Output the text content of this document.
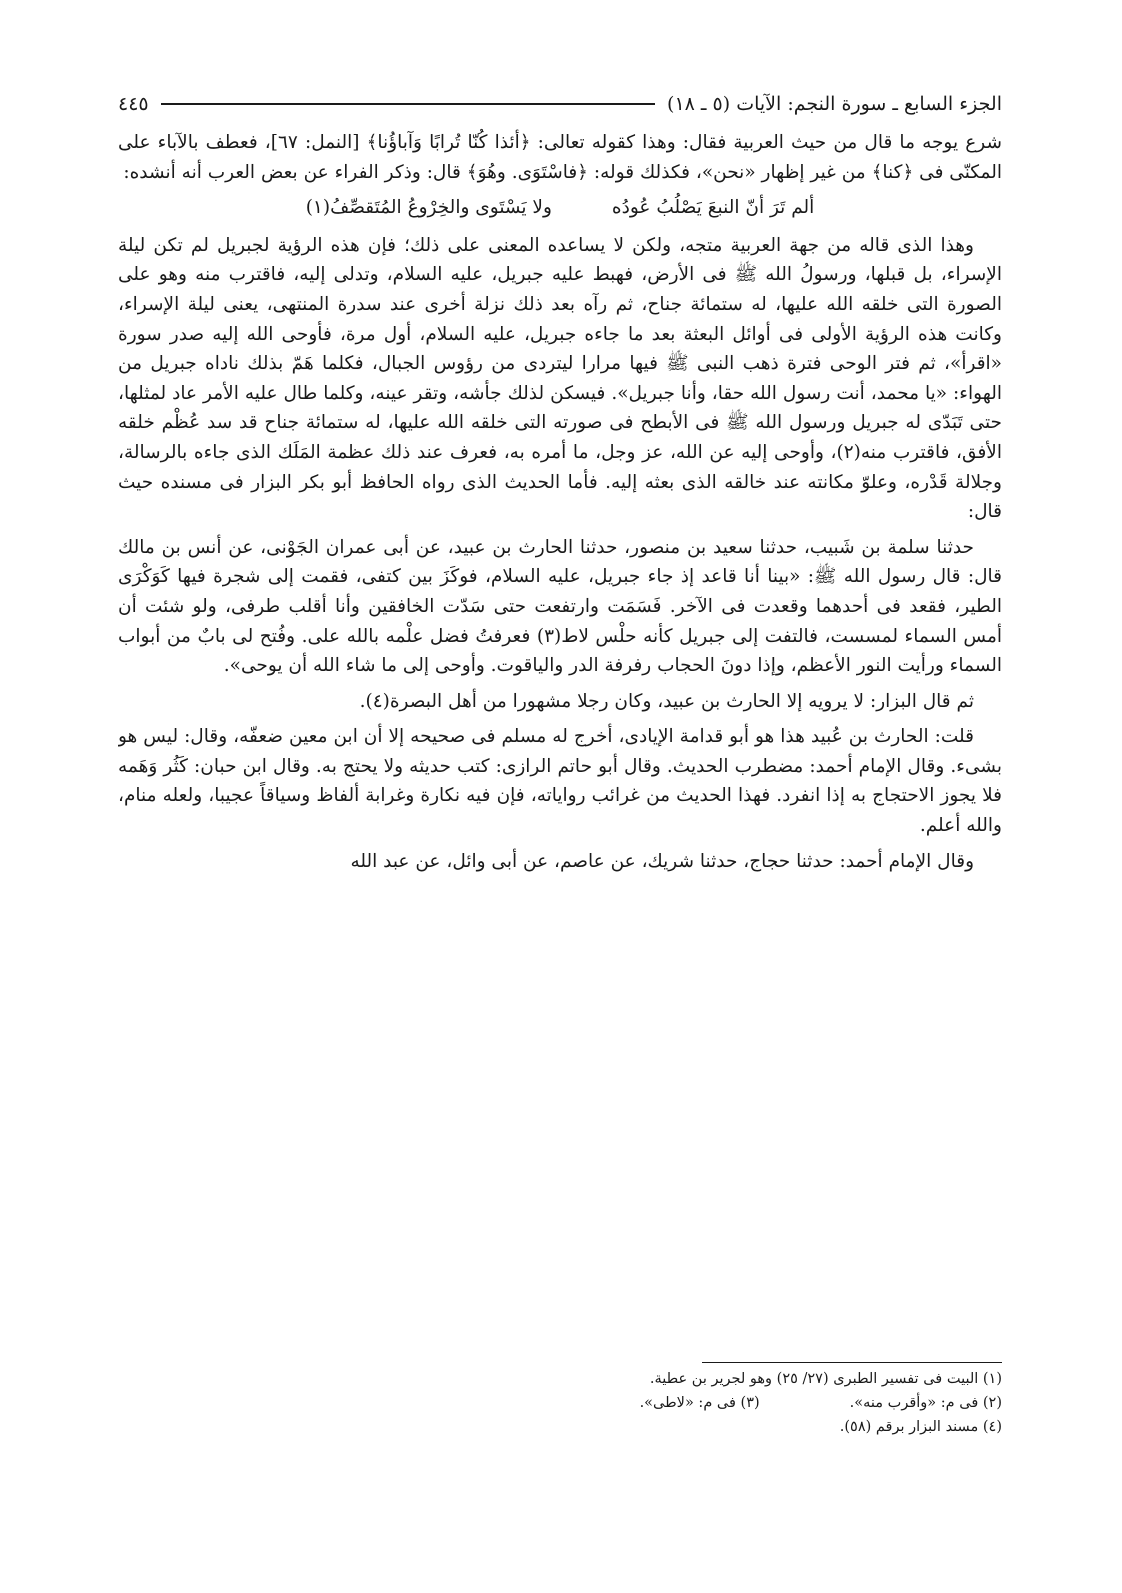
الجزء السابع ـ سورة النجم: الآيات (٥ ـ ١٨)
٤٤٥

شرع يوجه ما قال من حيث العربية فقال: وهذا كقوله تعالى: ﴿أئذا كُنّا تُرابًا وَآباؤُنا﴾ [النمل: ٦٧]، فعطف بالآباء على المكنّى فى ﴿كنا﴾ من غير إظهار «نحن»، فكذلك قوله: ﴿فاسْتَوَى. وهُوَ﴾ قال: وذكر الفراء عن بعض العرب أنه أنشده:

ألم تَرَ أنّ النبعَ يَصْلُبُ عُودُه
ولا يَسْتَوى والخِرْوعُ المُتَقصِّفُ(١)

وهذا الذى قاله من جهة العربية متجه، ولكن لا يساعده المعنى على ذلك؛ فإن هذه الرؤية لجبريل لم تكن ليلة الإسراء، بل قبلها، ورسولُ الله ﷺ فى الأرض، فهبط عليه جبريل، عليه السلام، وتدلى إليه، فاقترب منه وهو على الصورة التى خلقه الله عليها، له ستمائة جناح، ثم رآه بعد ذلك نزلة أخرى عند سدرة المنتهى، يعنى ليلة الإسراء، وكانت هذه الرؤية الأولى فى أوائل البعثة بعد ما جاءه جبريل، عليه السلام، أول مرة، فأوحى الله إليه صدر سورة «اقرأ»، ثم فتر الوحى فترة ذهب النبى ﷺ فيها مرارا ليتردى من رؤوس الجبال، فكلما هَمّ بذلك ناداه جبريل من الهواء: «يا محمد، أنت رسول الله حقا، وأنا جبريل». فيسكن لذلك جأشه، وتقر عينه، وكلما طال عليه الأمر عاد لمثلها، حتى تَبَدّى له جبريل ورسول الله ﷺ فى الأبطح فى صورته التى خلقه الله عليها، له ستمائة جناح قد سد عُظْم خلقه الأفق، فاقترب منه(٢)، وأوحى إليه عن الله، عز وجل، ما أمره به، فعرف عند ذلك عظمة المَلَك الذى جاءه بالرسالة، وجلالة قَدْره، وعلوّ مكانته عند خالقه الذى بعثه إليه. فأما الحديث الذى رواه الحافظ أبو بكر البزار فى مسنده حيث قال:

حدثنا سلمة بن شَبيب، حدثنا سعيد بن منصور، حدثنا الحارث بن عبيد، عن أبى عمران الجَوْنى، عن أنس بن مالك قال: قال رسول الله ﷺ: «بينا أنا قاعد إذ جاء جبريل، عليه السلام، فوكَزَ بين كتفى، فقمت إلى شجرة فيها كَوَكْرَى الطير، فقعد فى أحدهما وقعدت فى الآخر. فَسَمَت وارتفعت حتى سَدّت الخافقين وأنا أقلب طرفى، ولو شئت أن أمس السماء لمسست، فالتفت إلى جبريل كأنه حلْس لاط(٣) فعرفتُ فضل علْمه بالله على. وفُتح لى بابٌ من أبواب السماء ورأيت النور الأعظم، وإذا دونَ الحجاب رفرفة الدر والياقوت. وأوحى إلى ما شاء الله أن يوحى».

ثم قال البزار: لا يرويه إلا الحارث بن عبيد، وكان رجلا مشهورا من أهل البصرة(٤).

قلت: الحارث بن عُبيد هذا هو أبو قدامة الإيادى، أخرج له مسلم فى صحيحه إلا أن ابن معين ضعفّه، وقال: ليس هو بشىء. وقال الإمام أحمد: مضطرب الحديث. وقال أبو حاتم الرازى: كتب حديثه ولا يحتج به. وقال ابن حبان: كَثُر وَهَمه فلا يجوز الاحتجاج به إذا انفرد. فهذا الحديث من غرائب رواياته، فإن فيه نكارة وغرابة ألفاظ وسياقاً عجيبا، ولعله منام، والله أعلم.

وقال الإمام أحمد: حدثنا حجاج، حدثنا شريك، عن عاصم، عن أبى وائل، عن عبد الله

(١) البيت فى تفسير الطبرى (٢٧/ ٢٥) وهو لجرير بن عطية.

(٢) فى م: «وأقرب منه».

(٣) فى م: «لاطى».

(٤) مسند البزار برقم (٥٨).
